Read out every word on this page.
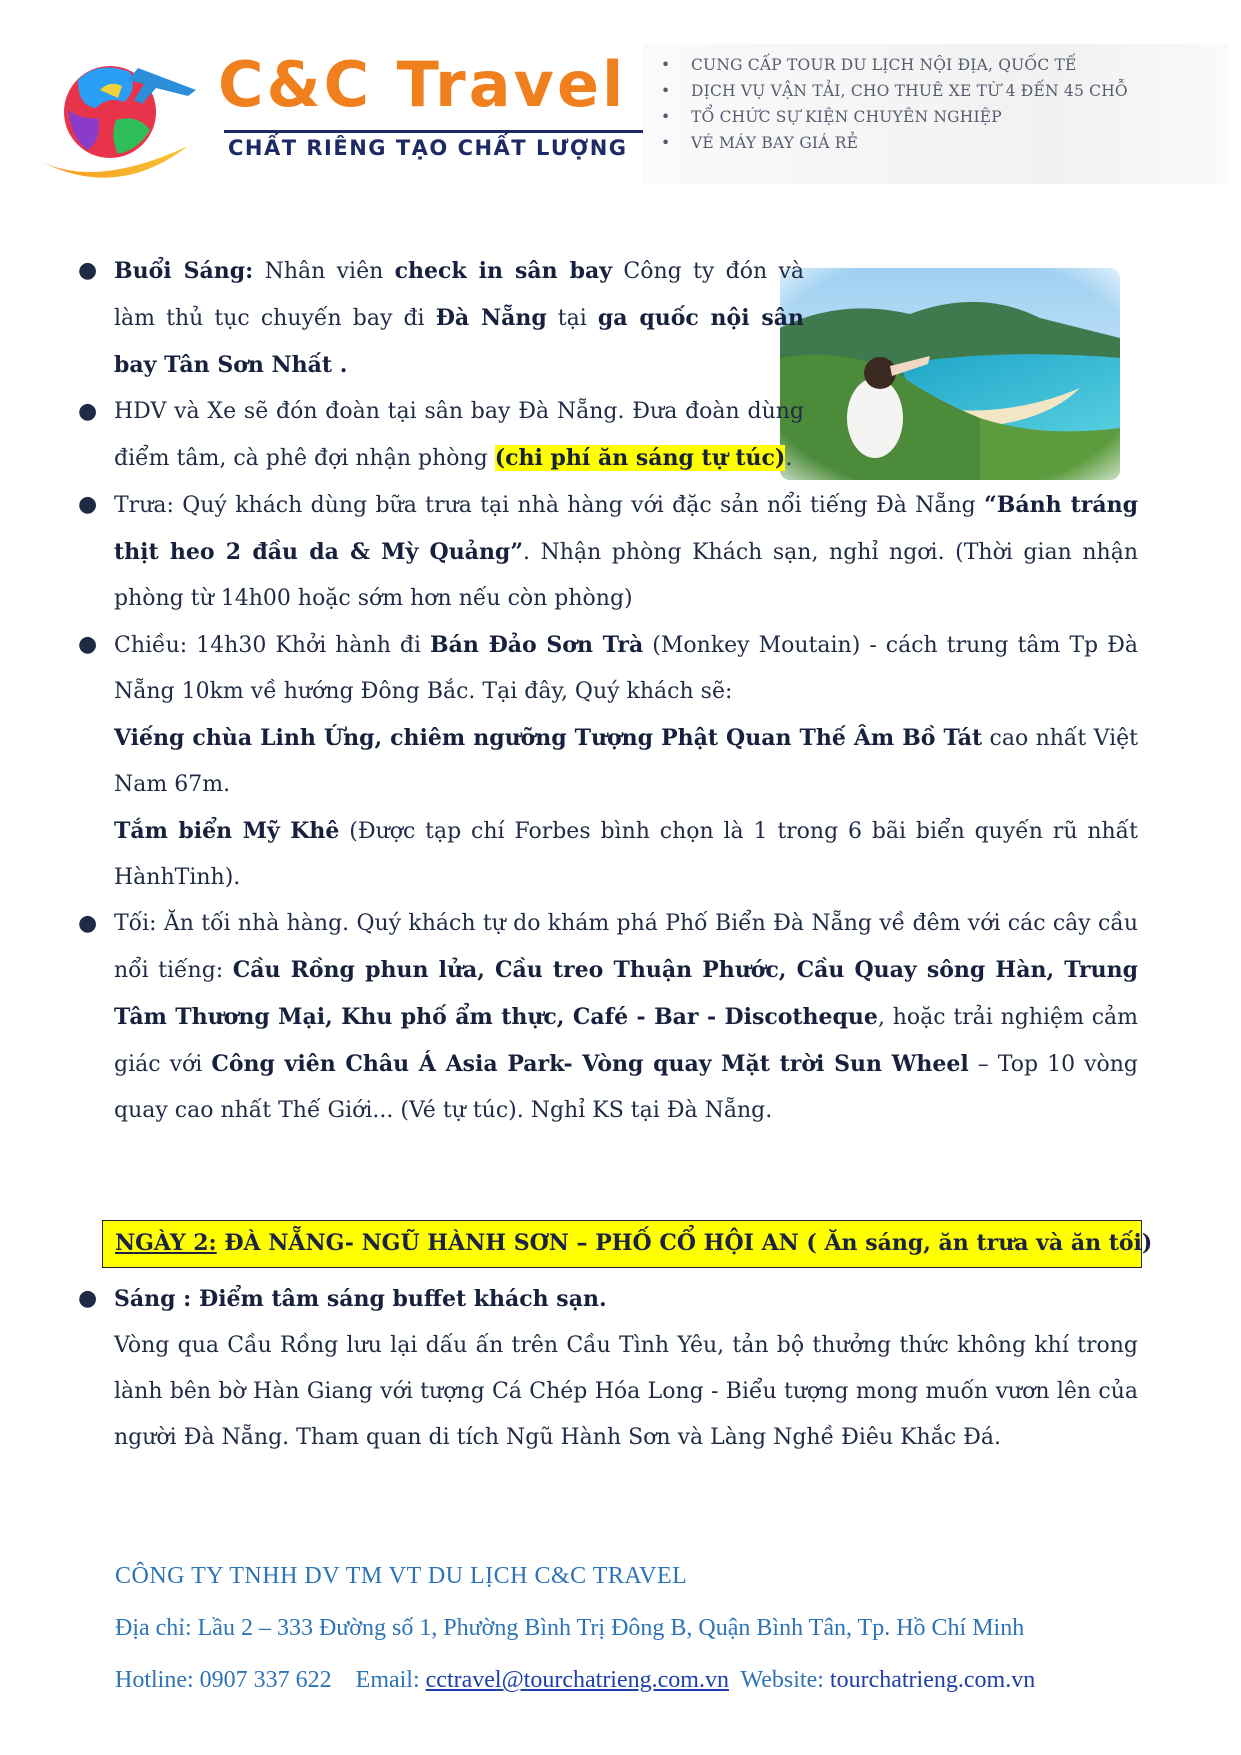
C&C Travel
CHẤT RIÊNG TẠO CHẤT LƯỢNG
• CUNG CẤP TOUR DU LỊCH NỘI ĐỊA, QUỐC TẾ
• DỊCH VỤ VẬN TẢI, CHO THUÊ XE TỪ 4 ĐẾN 45 CHỖ
• TỔ CHỨC SỰ KIỆN CHUYÊN NGHIỆP
• VÉ MÁY BAY GIÁ RẺ
● Buổi Sáng: Nhân viên check in sân bay Công ty đón và làm thủ tục chuyến bay đi Đà Nẵng tại ga quốc nội sân bay Tân Sơn Nhất .
● HDV và Xe sẽ đón đoàn tại sân bay Đà Nẵng. Đưa đoàn dùng điểm tâm, cà phê đợi nhận phòng (chi phí ăn sáng tự túc).
● Trưa: Quý khách dùng bữa trưa tại nhà hàng với đặc sản nổi tiếng Đà Nẵng “Bánh tráng thịt heo 2 đầu da & Mỳ Quảng”. Nhận phòng Khách sạn, nghỉ ngơi. (Thời gian nhận phòng từ 14h00 hoặc sớm hơn nếu còn phòng)
● Chiều: 14h30 Khởi hành đi Bán Đảo Sơn Trà (Monkey Moutain) - cách trung tâm Tp Đà Nẵng 10km về hướng Đông Bắc. Tại đây, Quý khách sẽ:
Viếng chùa Linh Ứng, chiêm ngưỡng Tượng Phật Quan Thế Âm Bồ Tát cao nhất Việt Nam 67m.
Tắm biển Mỹ Khê (Được tạp chí Forbes bình chọn là 1 trong 6 bãi biển quyến rũ nhất HànhTinh).
● Tối: Ăn tối nhà hàng. Quý khách tự do khám phá Phố Biển Đà Nẵng về đêm với các cây cầu nổi tiếng: Cầu Rồng phun lửa, Cầu treo Thuận Phước, Cầu Quay sông Hàn, Trung Tâm Thương Mại, Khu phố ẩm thực, Café - Bar - Discotheque, hoặc trải nghiệm cảm giác với Công viên Châu Á Asia Park- Vòng quay Mặt trời Sun Wheel – Top 10 vòng quay cao nhất Thế Giới... (Vé tự túc). Nghỉ KS tại Đà Nẵng.
NGÀY 2: ĐÀ NẴNG- NGŨ HÀNH SƠN – PHỐ CỔ HỘI AN ( Ăn sáng, ăn trưa và ăn tối)
● Sáng : Điểm tâm sáng buffet khách sạn.
Vòng qua Cầu Rồng lưu lại dấu ấn trên Cầu Tình Yêu, tản bộ thưởng thức không khí trong lành bên bờ Hàn Giang với tượng Cá Chép Hóa Long - Biểu tượng mong muốn vươn lên của người Đà Nẵng. Tham quan di tích Ngũ Hành Sơn và Làng Nghề Điêu Khắc Đá.
CÔNG TY TNHH DV TM VT DU LỊCH C&C TRAVEL
Địa chỉ: Lầu 2 – 333 Đường số 1, Phường Bình Trị Đông B, Quận Bình Tân, Tp. Hồ Chí Minh
Hotline: 0907 337 622 Email: cctravel@tourchatrieng.com.vn Website: tourchatrieng.com.vn
